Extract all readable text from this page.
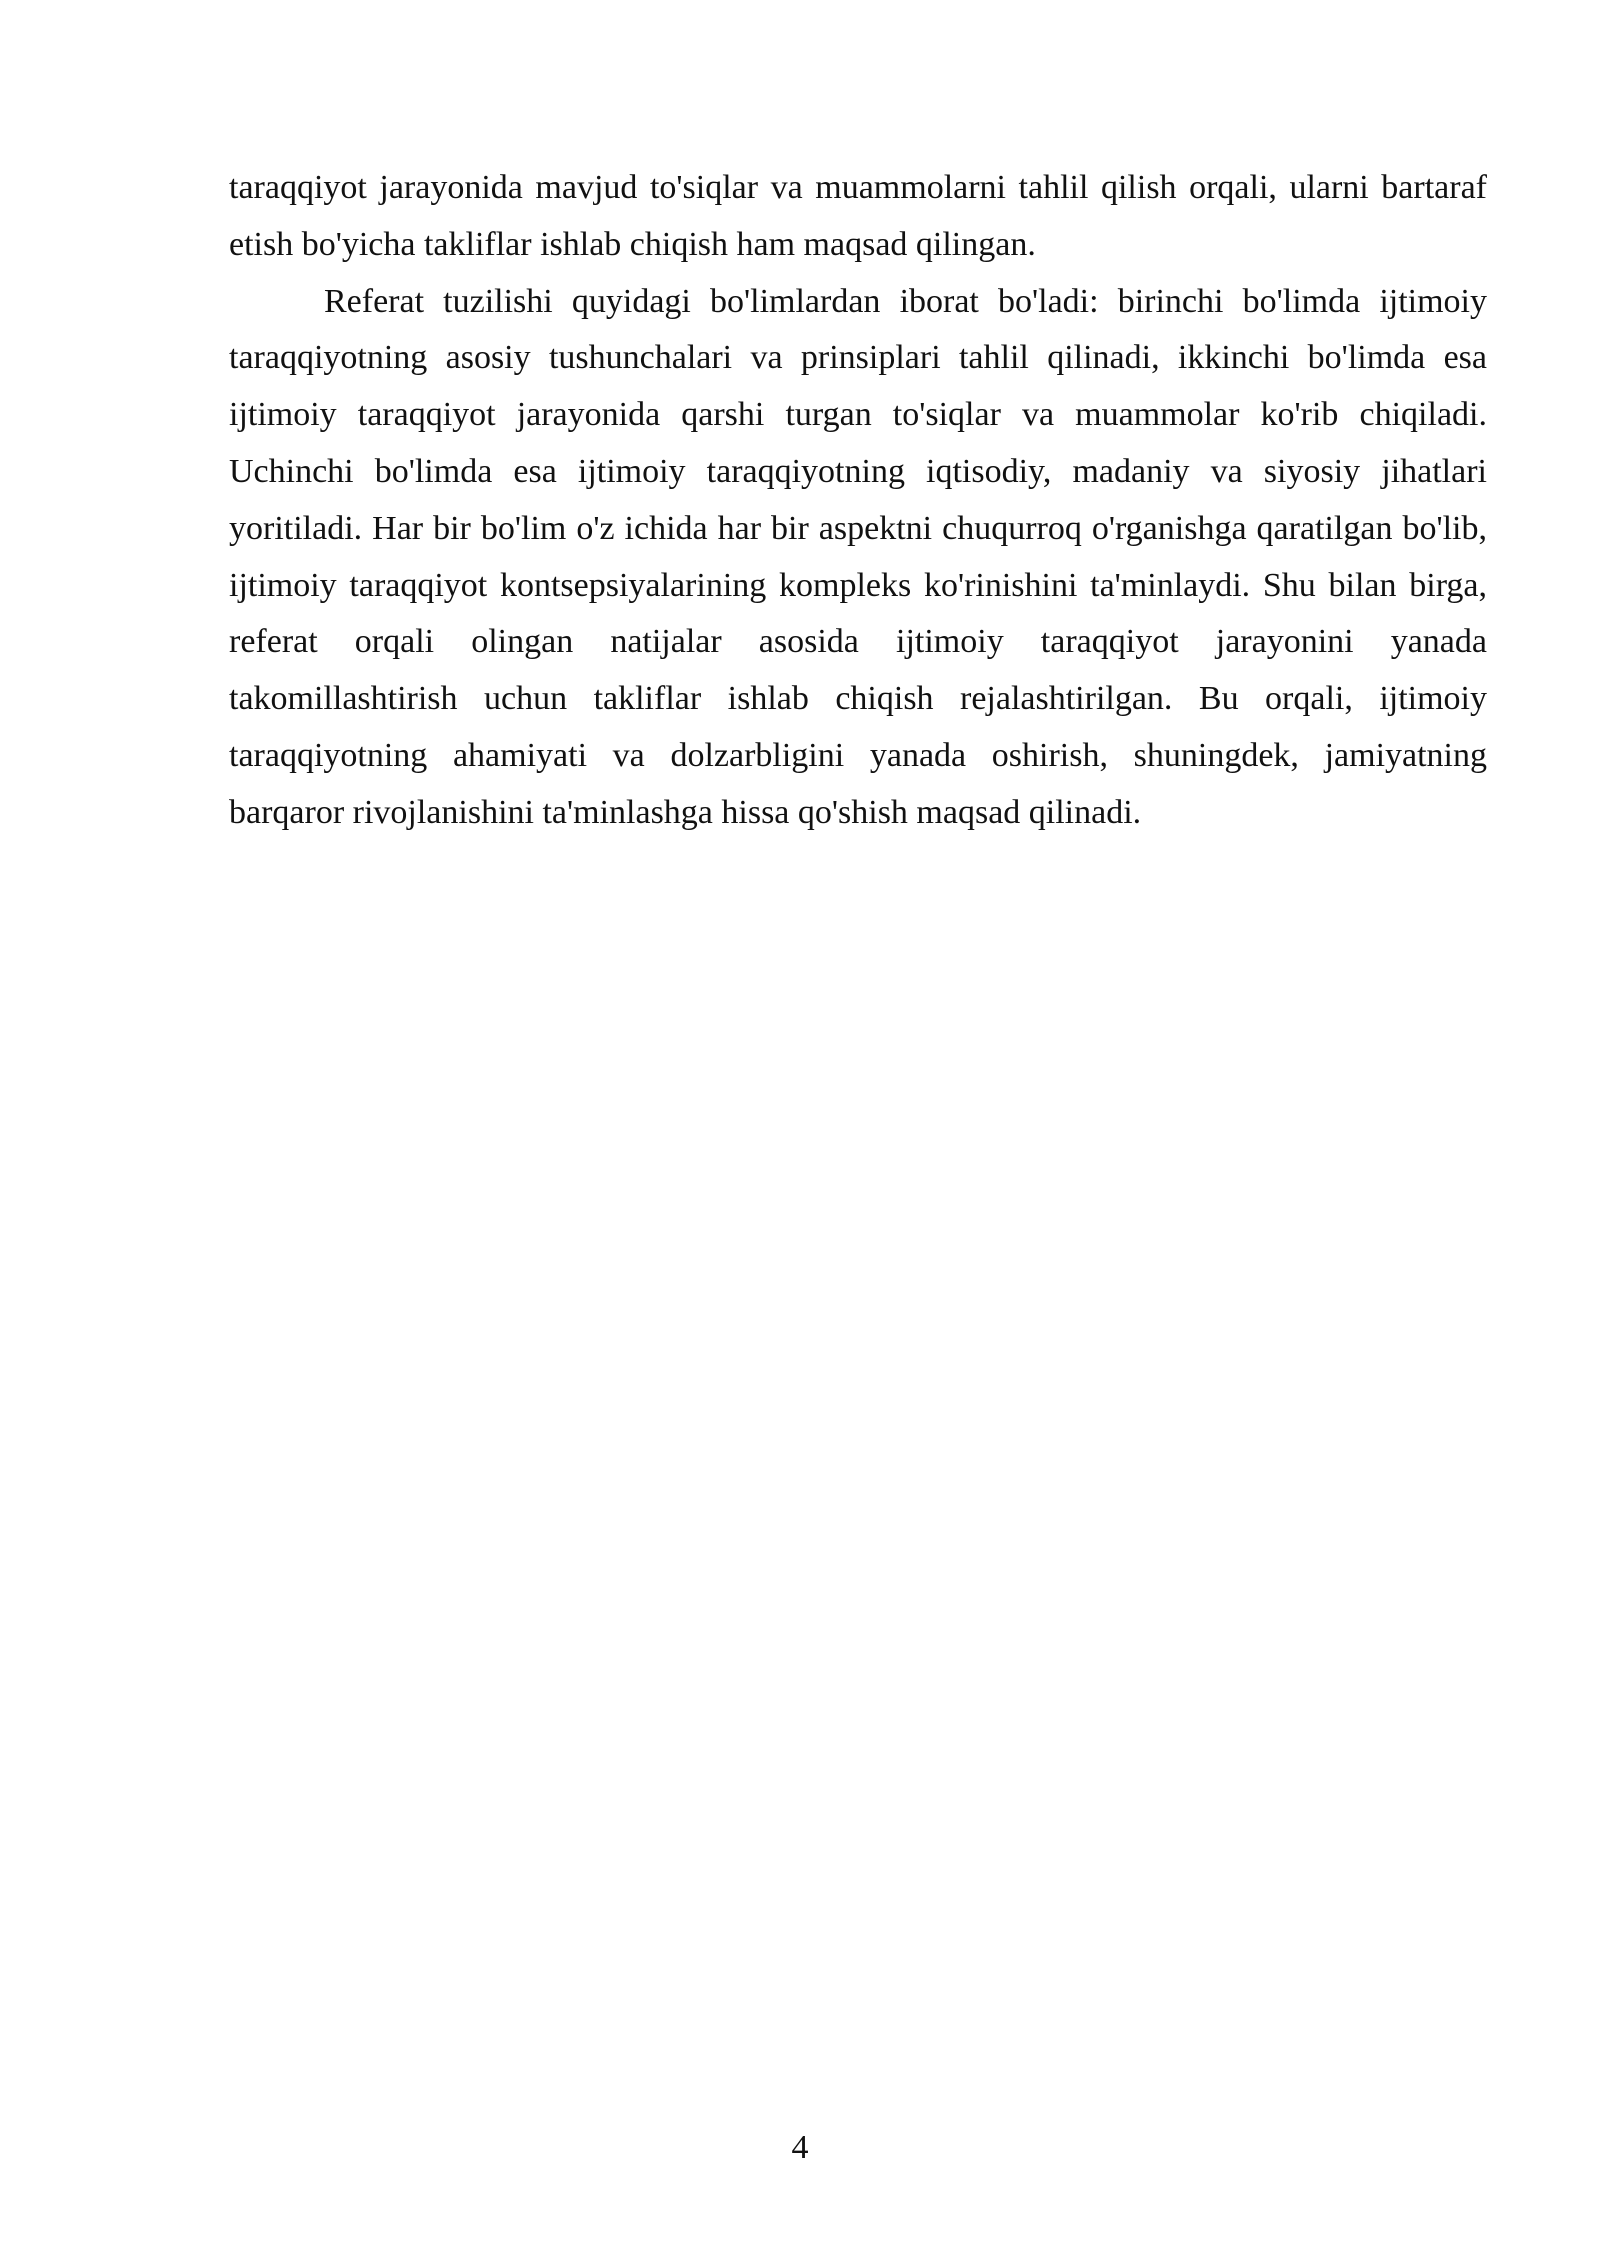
taraqqiyot jarayonida mavjud to'siqlar va muammolarni tahlil qilish orqali, ularni bartaraf etish bo'yicha takliflar ishlab chiqish ham maqsad qilingan.

Referat tuzilishi quyidagi bo'limlardan iborat bo'ladi: birinchi bo'limda ijtimoiy taraqqiyotning asosiy tushunchalari va prinsiplari tahlil qilinadi, ikkinchi bo'limda esa ijtimoiy taraqqiyot jarayonida qarshi turgan to'siqlar va muammolar ko'rib chiqiladi. Uchinchi bo'limda esa ijtimoiy taraqqiyotning iqtisodiy, madaniy va siyosiy jihatlari yoritiladi. Har bir bo'lim o'z ichida har bir aspektni chuqurroq o'rganishga qaratilgan bo'lib, ijtimoiy taraqqiyot kontsepsiyalarining kompleks ko'rinishini ta'minlaydi. Shu bilan birga, referat orqali olingan natijalar asosida ijtimoiy taraqqiyot jarayonini yanada takomillashtirish uchun takliflar ishlab chiqish rejalashtirilgan. Bu orqali, ijtimoiy taraqqiyotning ahamiyati va dolzarbligini yanada oshirish, shuningdek, jamiyatning barqaror rivojlanishini ta'minlashga hissa qo'shish maqsad qilinadi.

4
